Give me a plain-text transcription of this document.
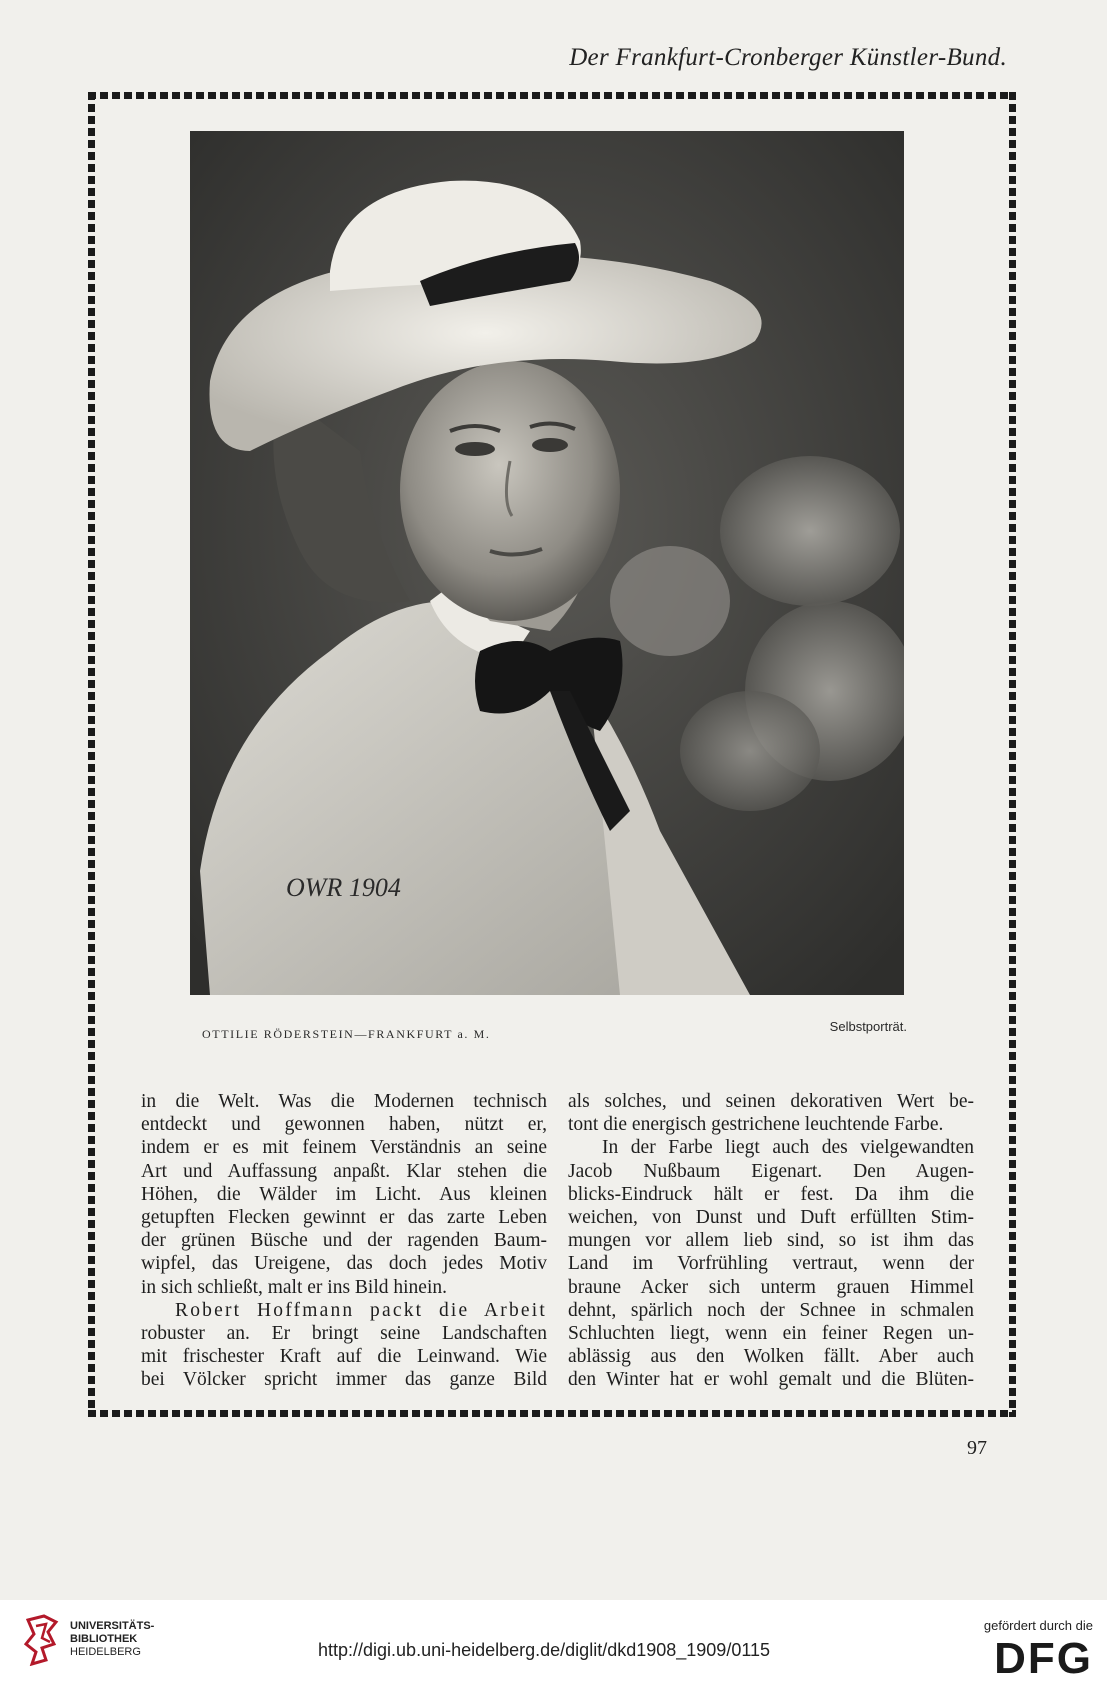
Der Frankfurt-Cronberger Künstler-Bund.
OWR 1904
OTTILIE RÖDERSTEIN—FRANKFURT a. M.	Selbstporträt.
in die Welt. Was die Modernen technisch
entdeckt und gewonnen haben, nützt er,
indem er es mit feinem Verständnis an seine
Art und Auffassung anpaßt. Klar stehen die
Höhen, die Wälder im Licht. Aus kleinen
getupften Flecken gewinnt er das zarte Leben
der grünen Büsche und der ragenden Baum-
wipfel, das Ureigene, das doch jedes Motiv
in sich schließt, malt er ins Bild hinein.
Robert Hoffmann packt die Arbeit
robuster an. Er bringt seine Landschaften
mit frischester Kraft auf die Leinwand. Wie
bei Völcker spricht immer das ganze Bild
als solches, und seinen dekorativen Wert be-
tont die energisch gestrichene leuchtende Farbe.
In der Farbe liegt auch des vielgewandten
Jacob Nußbaum Eigenart. Den Augen-
blicks-Eindruck hält er fest. Da ihm die
weichen, von Dunst und Duft erfüllten Stim-
mungen vor allem lieb sind, so ist ihm das
Land im Vorfrühling vertraut, wenn der
braune Acker sich unterm grauen Himmel
dehnt, spärlich noch der Schnee in schmalen
Schluchten liegt, wenn ein feiner Regen un-
ablässig aus den Wolken fällt. Aber auch
den Winter hat er wohl gemalt und die Blüten-
97
UNIVERSITÄTS-
BIBLIOTHEK
HEIDELBERG	http://digi.ub.uni-heidelberg.de/diglit/dkd1908_1909/0115
gefördert durch die
DFG
